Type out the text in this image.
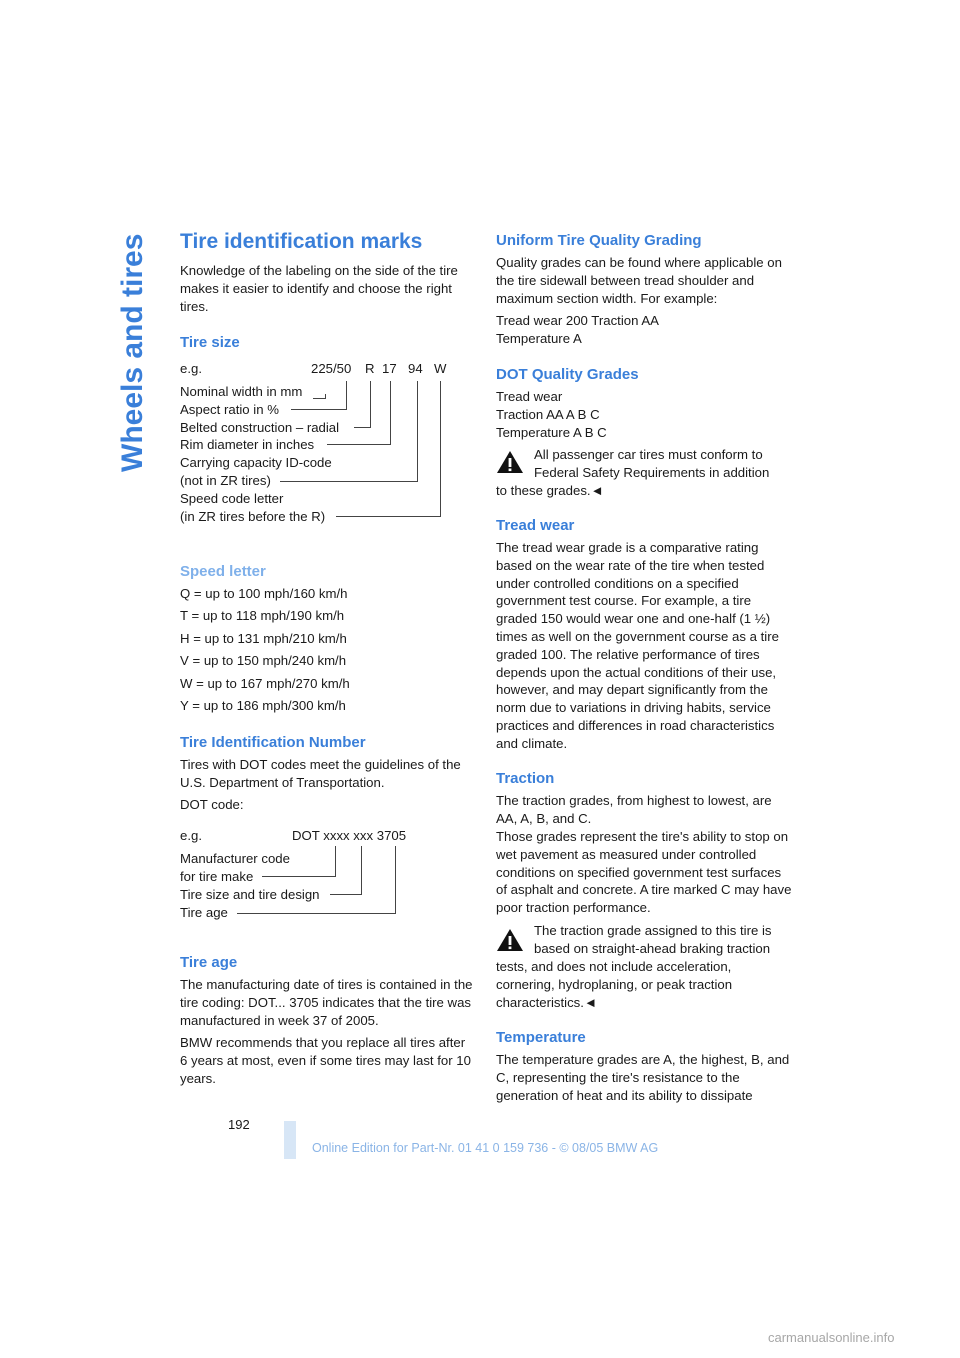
Wheels and tires Tire identification marks

Knowledge of the labeling on the side of the tire makes it easier to identify and choose the right tires.

Tire size
e.g.	225/50 R 17 94 W
Nominal width in mm
Aspect ratio in %
Belted construction – radial
Rim diameter in inches
Carrying capacity ID-code
(not in ZR tires)
Speed code letter
(in ZR tires before the R)
Speed letter
Q = up to 100 mph/160 km/h
T = up to 118 mph/190 km/h
H = up to 131 mph/210 km/h
V = up to 150 mph/240 km/h
W = up to 167 mph/270 km/h
Y = up to 186 mph/300 km/h
Tire Identification Number

Tires with DOT codes meet the guidelines of the U.S. Department of Transportation.

DOT code:
e.g.	DOT xxxx xxx 3705
Manufacturer code
for tire make
Tire size and tire design
Tire age
Tire age

The manufacturing date of tires is contained in the tire coding: DOT... 3705 indicates that the tire was manufactured in week 37 of 2005.

BMW recommends that you replace all tires after 6 years at most, even if some tires may last for 10 years.

Uniform Tire Quality Grading

Quality grades can be found where applicable on the tire sidewall between tread shoulder and maximum section width. For example:

Tread wear 200 Traction AA
Temperature A
DOT Quality Grades
Tread wear
Traction AA A B C
Temperature A B C
All passenger car tires must conform to
Federal Safety Requirements in addition
to these grades.◄
Tread wear

The tread wear grade is a comparative rating based on the wear rate of the tire when tested under controlled conditions on a specified government test course. For example, a tire graded 150 would wear one and one-half (1 ½) times as well on the government course as a tire graded 100. The relative performance of tires depends upon the actual conditions of their use, however, and may depart significantly from the norm due to variations in driving habits, service practices and differences in road characteristics and climate.

Traction

The traction grades, from highest to lowest, are AA, A, B, and C.

Those grades represent the tire's ability to stop on wet pavement as measured under controlled conditions on specified government test surfaces of asphalt and concrete. A tire marked C may have poor traction performance.

The traction grade assigned to this tire is
based on straight-ahead braking traction

tests, and does not include acceleration, cornering, hydroplaning, or peak traction characteristics.◄

Temperature

The temperature grades are A, the highest, B, and C, representing the tire's resistance to the generation of heat and its ability to dissipate

192
Online Edition for Part-Nr. 01 41 0 159 736 - © 08/05 BMW AG
carmanualsonline.info
